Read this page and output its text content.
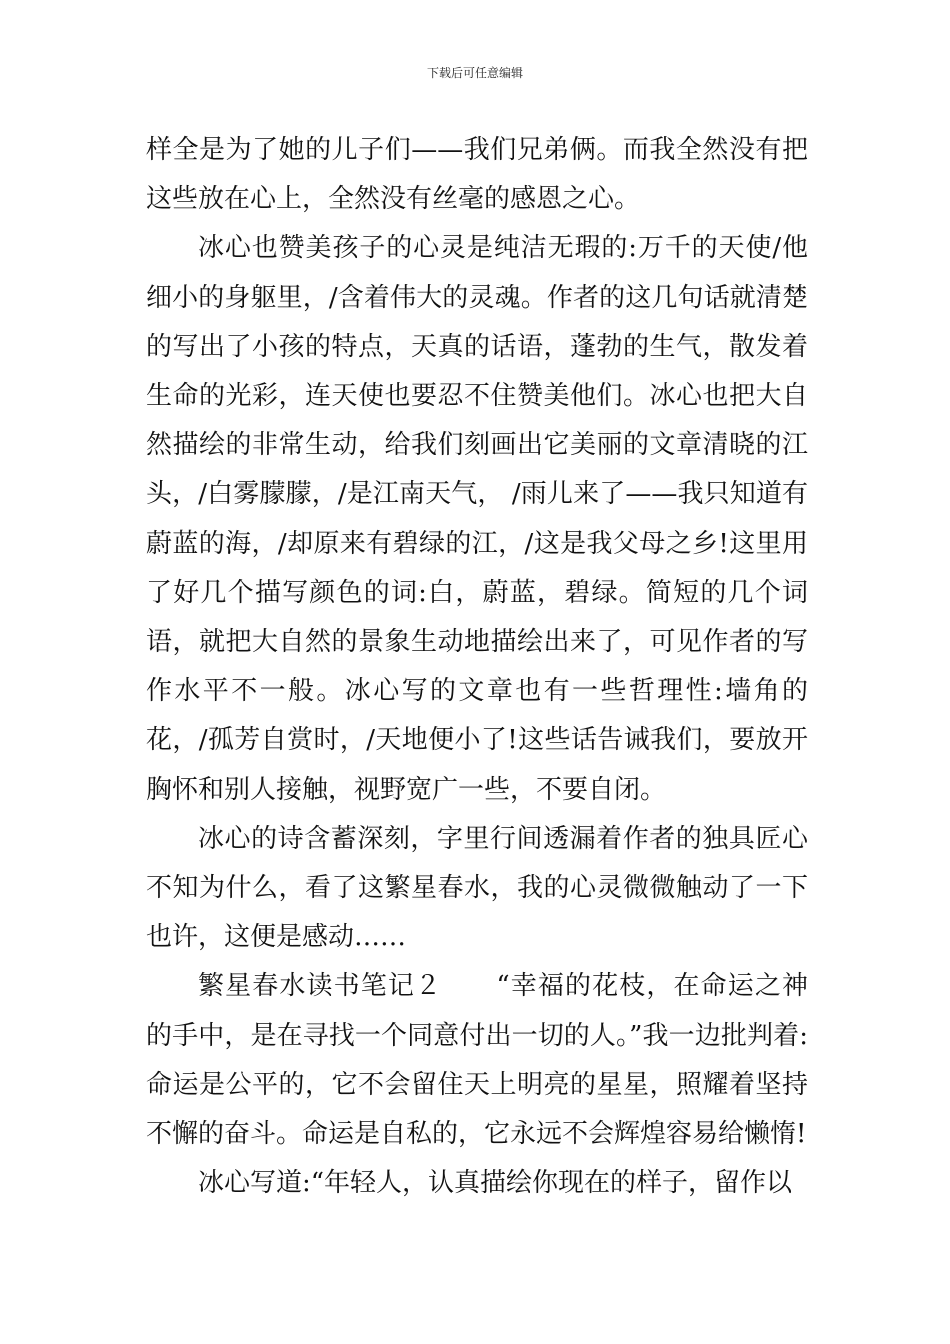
下载后可任意编辑

样全是为了她的儿子们——我们兄弟俩。而我全然没有把这些放在心上，全然没有丝毫的感恩之心。

冰心也赞美孩子的心灵是纯洁无瑕的:万千的天使/他细小的身躯里，/含着伟大的灵魂。作者的这几句话就清楚的写出了小孩的特点，天真的话语，蓬勃的生气，散发着生命的光彩，连天使也要忍不住赞美他们。冰心也把大自然描绘的非常生动，给我们刻画出它美丽的文章清晓的江头，/白雾朦朦，/是江南天气， /雨儿来了——我只知道有蔚蓝的海，/却原来有碧绿的江，/这是我父母之乡!这里用了好几个描写颜色的词:白，蔚蓝，碧绿。简短的几个词语，就把大自然的景象生动地描绘出来了，可见作者的写作水平不一般。冰心写的文章也有一些哲理性:墙角的花，/孤芳自赏时，/天地便小了!这些话告诫我们，要放开胸怀和别人接触，视野宽广一些，不要自闭。

冰心的诗含蓄深刻，字里行间透漏着作者的独具匠心不知为什么，看了这繁星春水，我的心灵微微触动了一下也许，这便是感动……

繁星春水读书笔记２　　“幸福的花枝，在命运之神的手中，是在寻找一个同意付出一切的人。”我一边批判着:命运是公平的，它不会留住天上明亮的星星，照耀着坚持不懈的奋斗。命运是自私的，它永远不会辉煌容易给懒惰!

冰心写道:“年轻人，认真描绘你现在的样子，留作以
